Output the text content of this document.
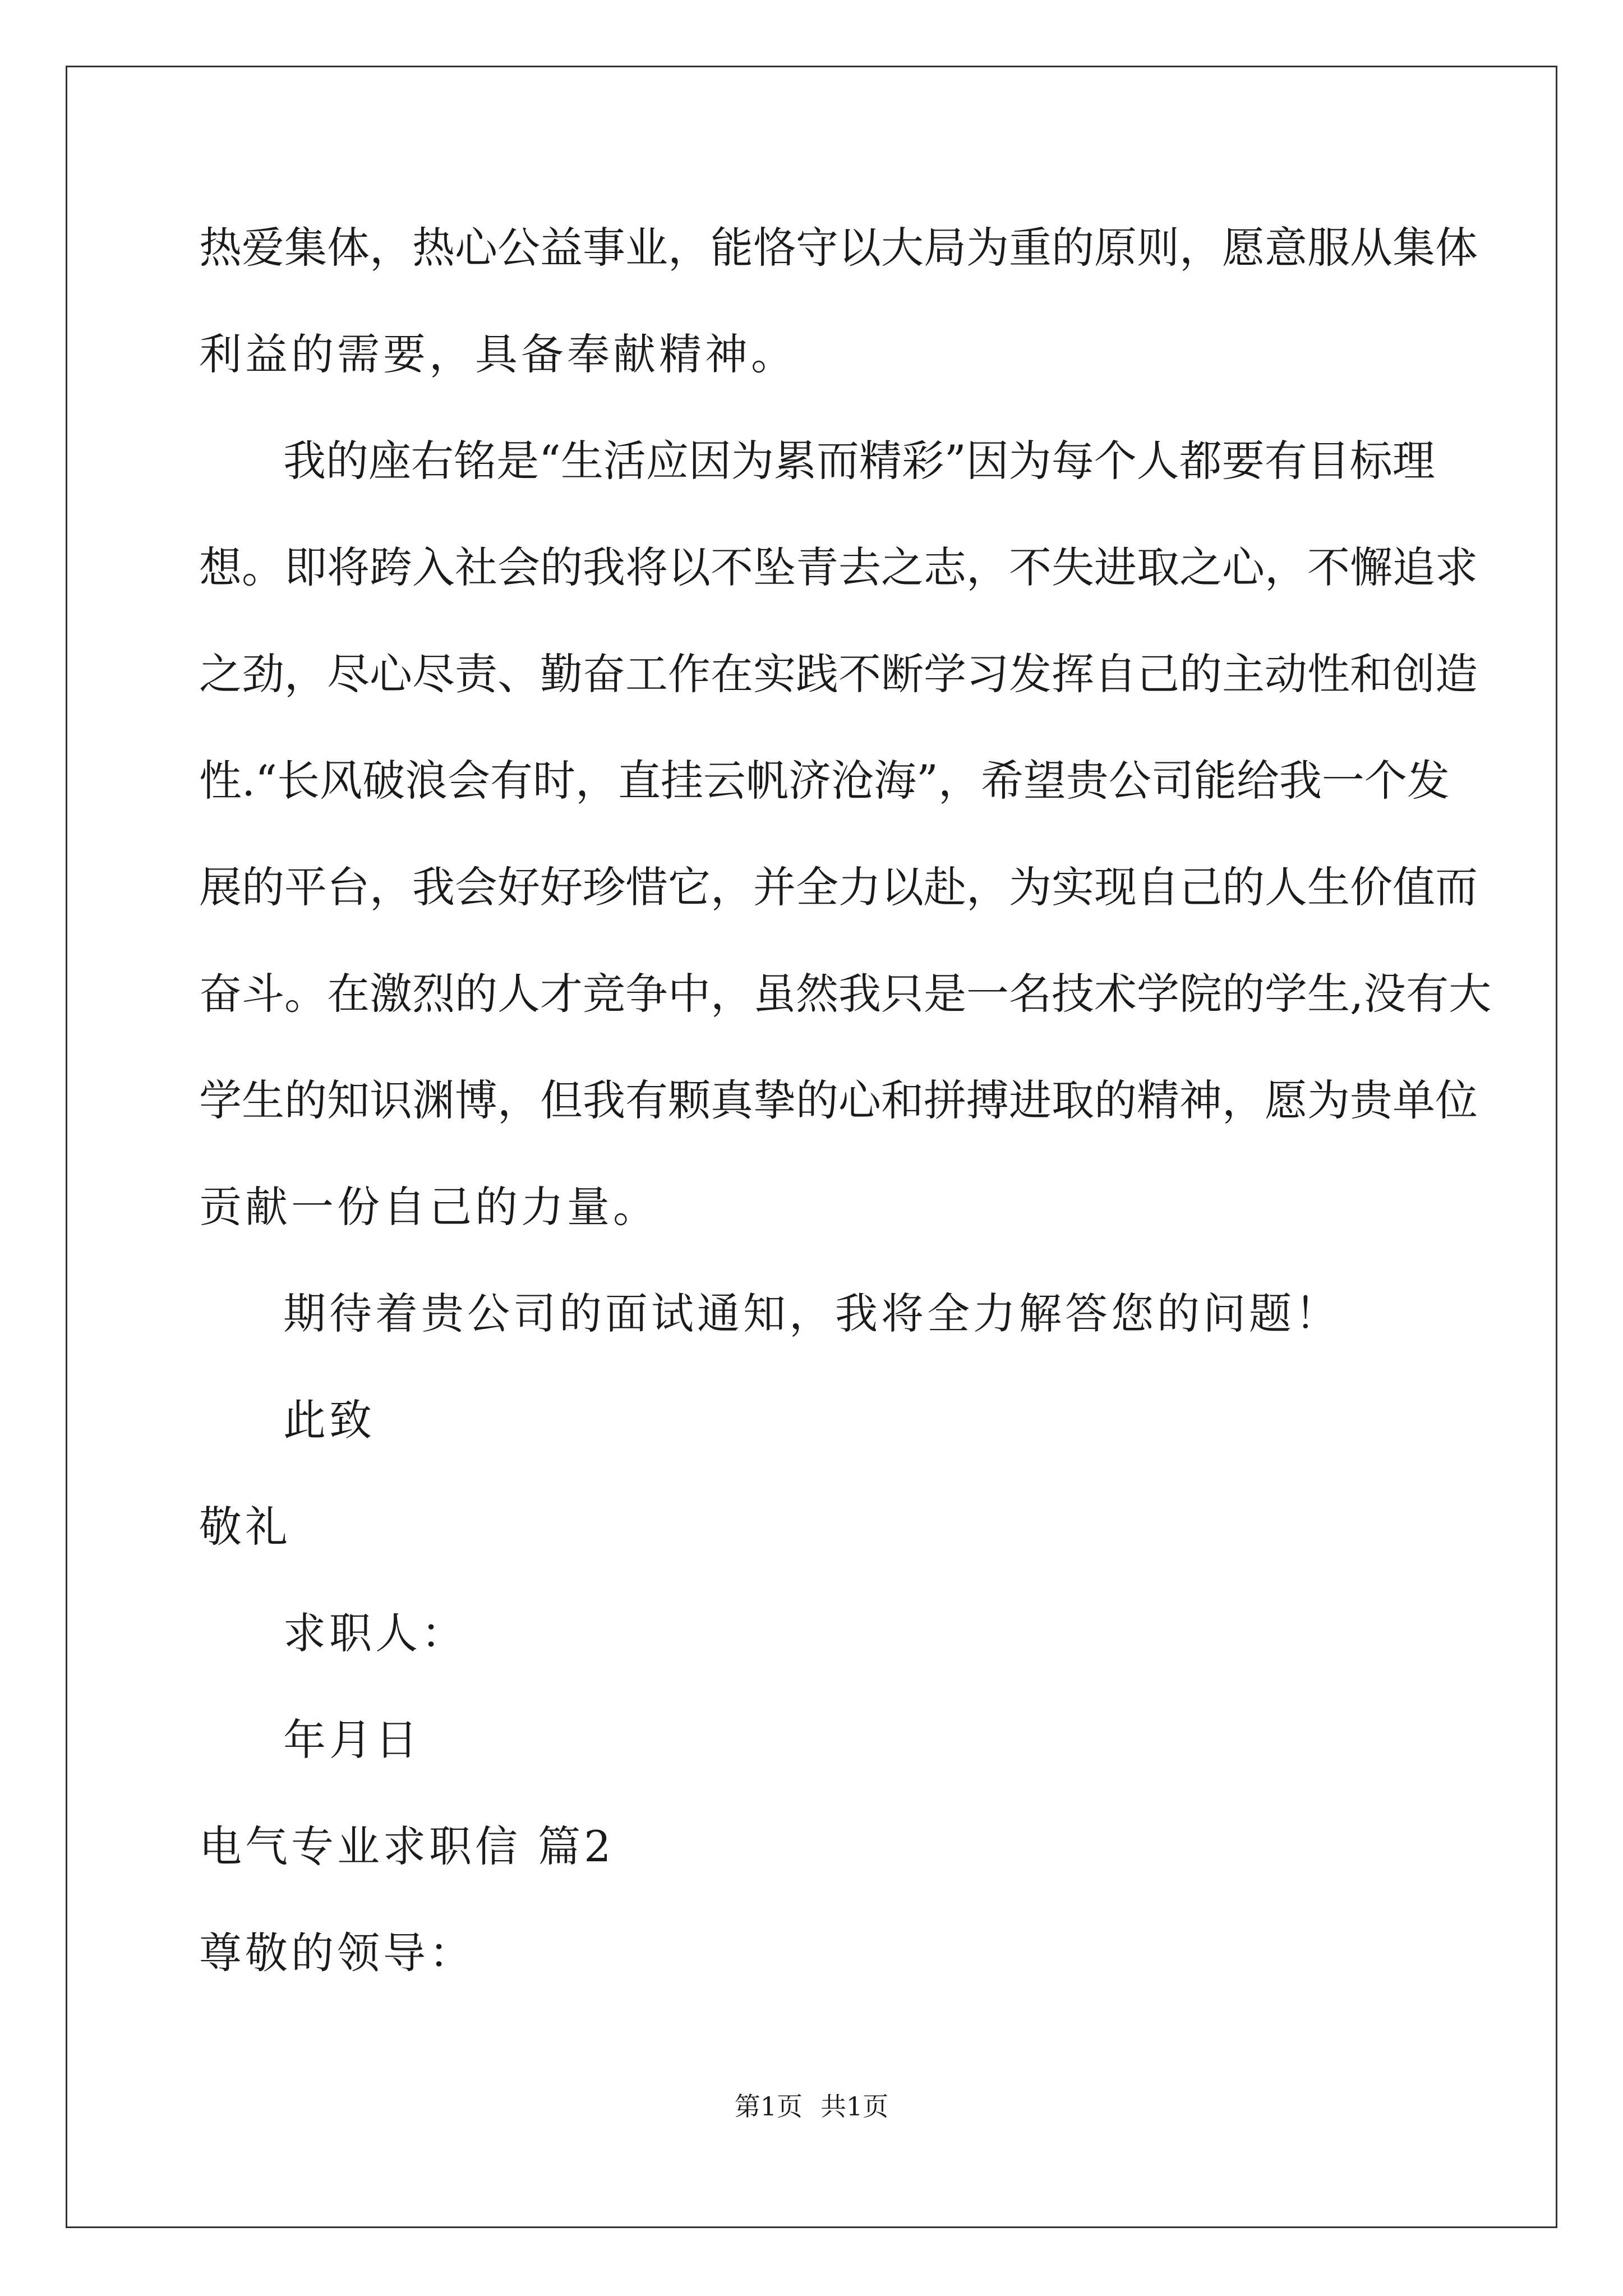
热爱集体，热心公益事业，能恪守以大局为重的原则，愿意服从集体
利益的需要，具备奉献精神。
我的座右铭是“生活应因为累而精彩”因为每个人都要有目标理
想。即将跨入社会的我将以不坠青去之志，不失进取之心，不懈追求
之劲，尽心尽责、勤奋工作在实践不断学习发挥自己的主动性和创造
性.“长风破浪会有时，直挂云帆济沧海”，希望贵公司能给我一个发
展的平台，我会好好珍惜它，并全力以赴，为实现自己的人生价值而
奋斗。在激烈的人才竞争中，虽然我只是一名技术学院的学生,没有大
学生的知识渊博，但我有颗真挚的心和拼搏进取的精神，愿为贵单位
贡献一份自己的力量。
期待着贵公司的面试通知，我将全力解答您的问题！
此致
敬礼
求职人：
年月日
电气专业求职信 篇2
尊敬的领导：
第1页 共1页
